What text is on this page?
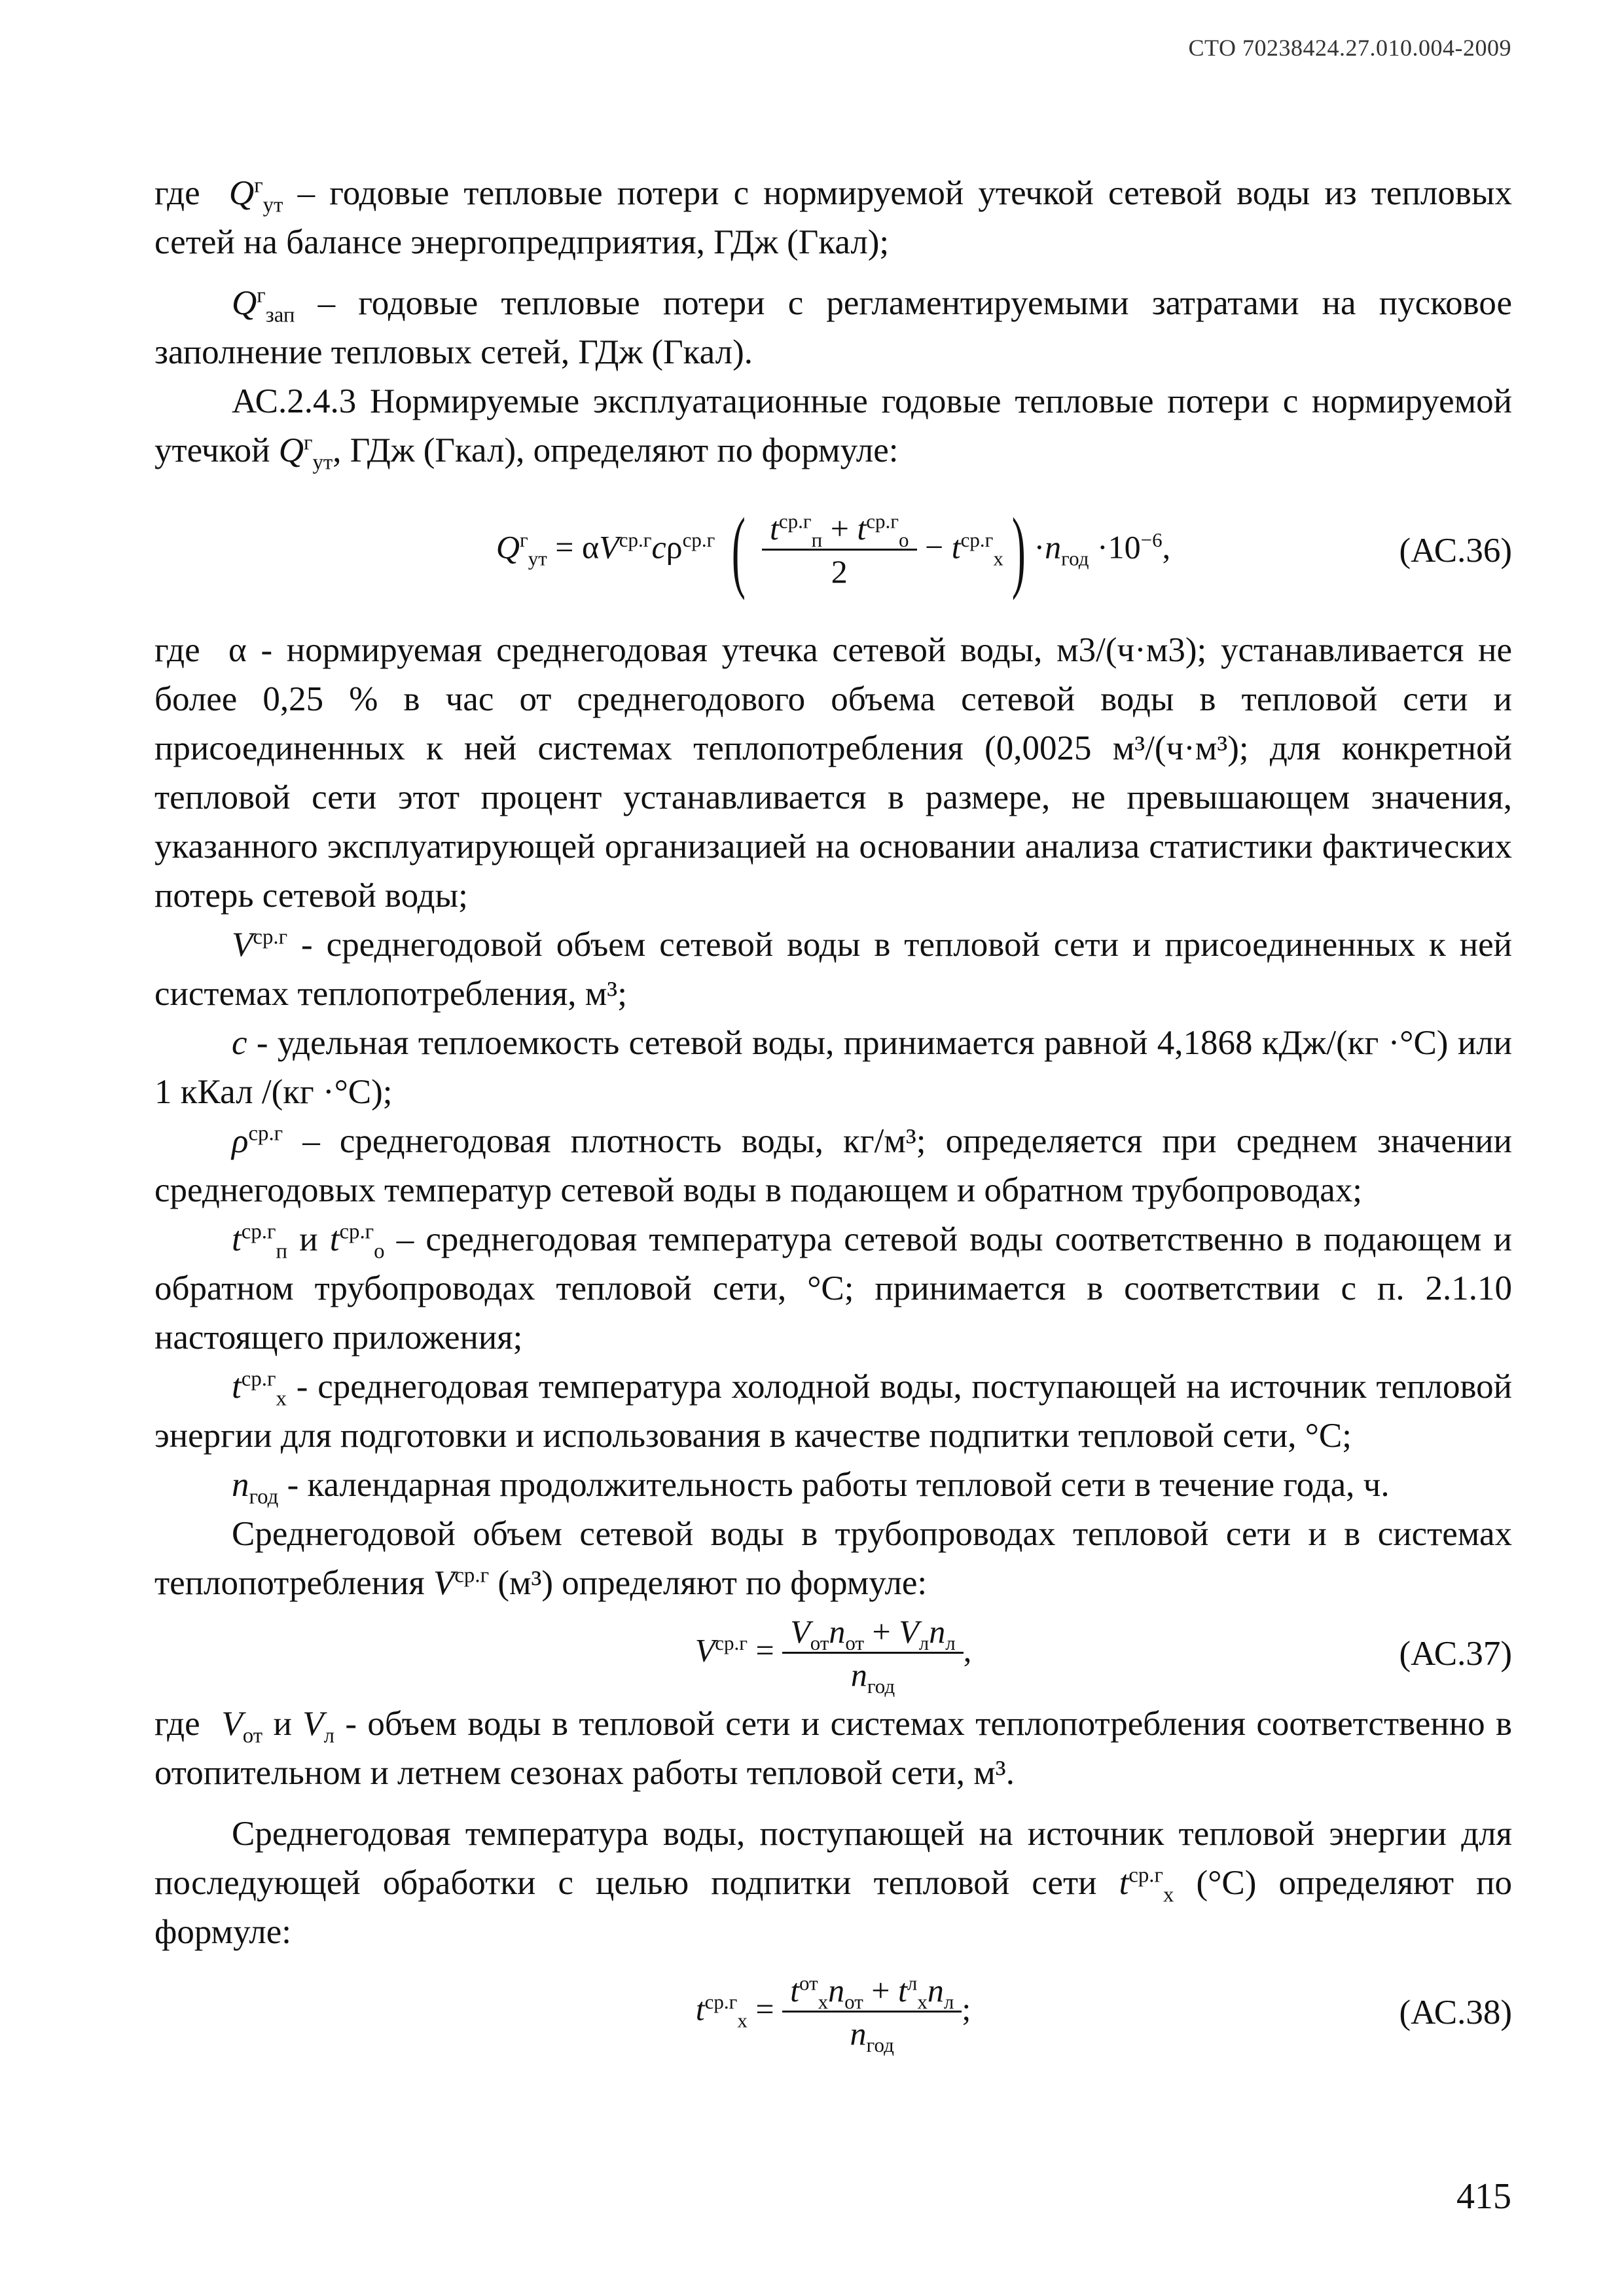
СТО 70238424.27.010.004-2009

где $Q^г_{ут}$ – годовые тепловые потери с нормируемой утечкой сетевой воды из тепловых сетей на балансе энергопредприятия, ГДж (Гкал);

$Q^г_{зап}$ – годовые тепловые потери с регламентируемыми затратами на пусковое заполнение тепловых сетей, ГДж (Гкал).

АС.2.4.3 Нормируемые эксплуатационные годовые тепловые потери с нормируемой утечкой $Q^г_{ут}$, ГДж (Гкал), определяют по формуле:

$Q^г_{ут} = \alpha V^{ср.г}c\rho^{ср.г}$ ( $\frac{t^{ср.г}_п + t^{ср.г}_о}{2} - t^{ср.г}_х) \cdot n_{год} \cdot 10^{-6}$,	(АС.36)

где  α - нормируемая среднегодовая утечка сетевой воды, м3/(ч·м3); устанавливается не более 0,25 % в час от среднегодового объема сетевой воды в тепловой сети и присоединенных к ней системах теплопотребления (0,0025 м³/(ч·м³); для конкретной тепловой сети этот процент устанавливается в размере, не превышающем значения, указанного эксплуатирующей организацией на основании анализа статистики фактических потерь сетевой воды;

$V^{ср.г}$ - среднегодовой объем сетевой воды в тепловой сети и присоединенных к ней системах теплопотребления, м³;

c - удельная теплоемкость сетевой воды, принимается равной 4,1868 кДж/(кг ·°С) или 1 кКал /(кг ·°С);

$\rho^{ср.г}$ – среднегодовая плотность воды, кг/м³; определяется при среднем значении среднегодовых температур сетевой воды в подающем и обратном трубопроводах;

$t^{ср.г}_п$ и $t^{ср.г}_о$ – среднегодовая температура сетевой воды соответственно в подающем и обратном трубопроводах тепловой сети, °С; принимается в соответствии с п. 2.1.10 настоящего приложения;

$t^{ср.г}_х$ - среднегодовая температура холодной воды, поступающей на источник тепловой энергии для подготовки и использования в качестве подпитки тепловой сети, °С;

$n_{год}$ - календарная продолжительность работы тепловой сети в течение года, ч.

Среднегодовой объем сетевой воды в трубопроводах тепловой сети и в системах теплопотребления $V^{ср.г}$ (м³) определяют по формуле:

$V^{ср.г} = \frac{V_{от}n_{от} + V_лn_л}{n_{год}}$ ,	(АС.37)

где  $V_{от}$ и $V_л$ - объем воды в тепловой сети и системах теплопотребления соответственно в отопительном и летнем сезонах работы тепловой сети, м³.

Среднегодовая температура воды, поступающей на источник тепловой энергии для последующей обработки с целью подпитки тепловой сети $t^{ср.г}_х$ (°С) определяют по формуле:

$t^{ср.г}_х = \frac{t^{от}_хn_{от} + t^л_хn_л}{n_{год}}$ ;	(АС.38)
415
